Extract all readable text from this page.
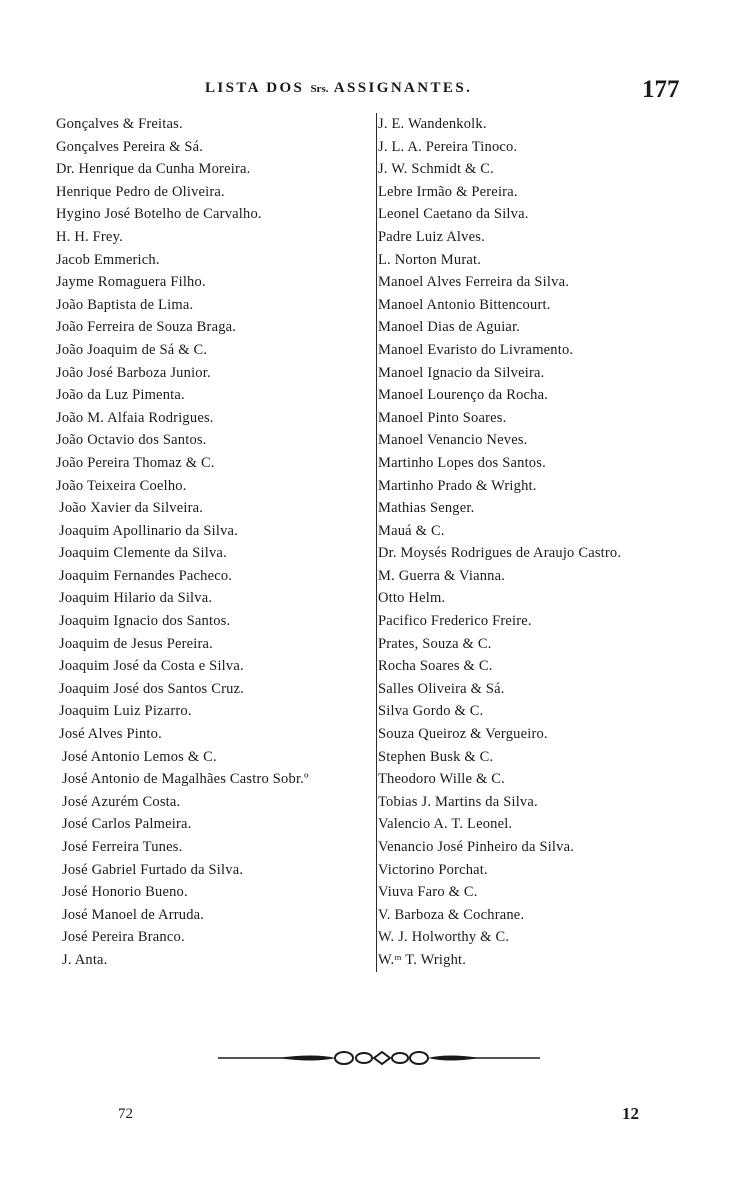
LISTA DOS Srs. ASSIGNANTES.	177
Gonçalves & Freitas.
Gonçalves Pereira & Sá.
Dr. Henrique da Cunha Moreira.
Henrique Pedro de Oliveira.
Hygino José Botelho de Carvalho.
H. H. Frey.
Jacob Emmerich.
Jayme Romaguera Filho.
João Baptista de Lima.
João Ferreira de Souza Braga.
João Joaquim de Sá & C.
João José Barboza Junior.
João da Luz Pimenta.
João M. Alfaia Rodrigues.
João Octavio dos Santos.
João Pereira Thomaz & C.
João Teixeira Coelho.
João Xavier da Silveira.
Joaquim Apollinario da Silva.
Joaquim Clemente da Silva.
Joaquim Fernandes Pacheco.
Joaquim Hilario da Silva.
Joaquim Ignacio dos Santos.
Joaquim de Jesus Pereira.
Joaquim José da Costa e Silva.
Joaquim José dos Santos Cruz.
Joaquim Luiz Pizarro.
José Alves Pinto.
José Antonio Lemos & C.
José Antonio de Magalhães Castro Sobr.º
José Azurém Costa.
José Carlos Palmeira.
José Ferreira Tunes.
José Gabriel Furtado da Silva.
José Honorio Bueno.
José Manoel de Arruda.
José Pereira Branco.
J. Anta.
J. E. Wandenkolk.
J. L. A. Pereira Tinoco.
J. W. Schmidt & C.
Lebre Irmão & Pereira.
Leonel Caetano da Silva.
Padre Luiz Alves.
L. Norton Murat.
Manoel Alves Ferreira da Silva.
Manoel Antonio Bittencourt.
Manoel Dias de Aguiar.
Manoel Evaristo do Livramento.
Manoel Ignacio da Silveira.
Manoel Lourenço da Rocha.
Manoel Pinto Soares.
Manoel Venancio Neves.
Martinho Lopes dos Santos.
Martinho Prado & Wright.
Mathias Senger.
Mauá & C.
Dr. Moysés Rodrigues de Araujo Castro.
M. Guerra & Vianna.
Otto Helm.
Pacifico Frederico Freire.
Prates, Souza & C.
Rocha Soares & C.
Salles Oliveira & Sá.
Silva Gordo & C.
Souza Queiroz & Vergueiro.
Stephen Busk & C.
Theodoro Wille & C.
Tobias J. Martins da Silva.
Valencio A. T. Leonel.
Venancio José Pinheiro da Silva.
Victorino Porchat.
Viuva Faro & C.
V. Barboza & Cochrane.
W. J. Holworthy & C.
W.ᵐ T. Wright.
72	12
